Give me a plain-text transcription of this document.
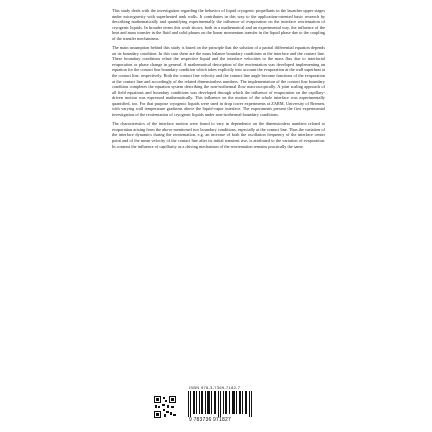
This study deals with the investigation regarding the behavior of liquid cryogenic propellants in the launcher upper stages under microgravity with superheated tank walls. It contributes in this way to the application-oriented basic research by describing mathematically and quantifying experimentally the influence of evaporation on the interface reorientation of cryogenic liquids. In broader terms this work shows, both in a mathematical and an experimental way, the influence of the heat and mass transfer in the fluid and solid phases on the linear momentum transfer in the liquid phase due to the coupling of the transfer mechanisms.

The main assumption behind this study is based on the principle that the solution of a partial differential equation depends on its boundary condition. In this case these are the mass balance boundary conditions at the interface and the contact line. These boundary conditions relate the respective liquid and the interface velocities to the mass flux due to interfacial evaporation or phase change in general. A mathematical description of the reorientation was developed implementing an equation for the contact line boundary condition which takes explicitly into account the evaporation at the wall superheat at the contact line, respectively. Both the contact line velocity and the contact line angle become functions of the evaporation at the contact line and accordingly of the related dimensionless numbers. The implementation of the contact line boundary condition completes the equation system describing the non-isothermal flow macroscopically. A joint scaling approach of all field equations and boundary conditions was developed through which the influence of evaporation on the capillary-driven motion was expressed mathematically. This influence on the motion of the whole interface was experimentally quantified, too. For that purpose cryogenic liquids were used in drop tower experiments at ZARM, University of Bremen, with varying wall temperature gradients above the liquid-vapor interface. The experiments present the first experimental investigation of the reorientation of cryogenic liquids under non-isothermal boundary conditions.

The characteristics of the interface motion were found to vary in dependence on the dimensionless numbers related to evaporation arising from the above mentioned two boundary conditions, especially at the contact line. Thus the variation of the interface dynamics during the reorientation, e.g. an increase of both the oscillation frequency of the interface center point and of the mean velocity of the contact line after its initial transient rise, is attributed to the variation of evaporation. In contrast the influence of capillarity as a driving mechanism of the reorientation remains practically the same.

ISBN 978-3-7369-7182-7
9 783736 971827
